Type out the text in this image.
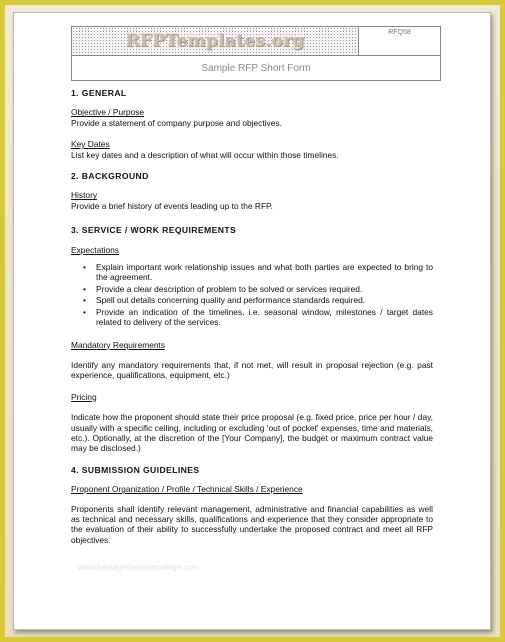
RFPTemplates.org	RFQ58
Sample RFP Short Form
1. GENERAL

Objective / Purpose

Provide a statement of company purpose and objectives.

Key Dates

List key dates and a description of what will occur within those timelines.

2. BACKGROUND

History

Provide a brief history of events leading up to the RFP.

3. SERVICE / WORK REQUIREMENTS

Expectations

• Explain important work relationship issues and what both parties are expected to bring to the agreement.
• Provide a clear description of problem to be solved or services required.
• Spell out details concerning quality and performance standards required.
• Provide an indication of the timelines, i.e. seasonal window, milestones / target dates related to delivery of the services.

Mandatory Requirements

Identify any mandatory requirements that, if not met, will result in proposal rejection (e.g. past experience, qualifications, equipment, etc.)

Pricing

Indicate how the proponent should state their price proposal (e.g. fixed price, price per hour / day, usually with a specific ceiling, including or excluding 'out of pocket' expenses, time and materials, etc.). Optionally, at the discretion of the [Your Company], the budget or maximum contract value may be disclosed.)

4. SUBMISSION GUIDELINES

Proponent Organization / Profile / Technical Skills / Experience

Proponents shall identify relevant management, administrative and financial capabilities as well as technical and necessary skills, qualifications and experience that they consider appropriate to the evaluation of their ability to successfully undertake the proposed contract and meet all RFP objectives.

www.heritagechristiancollege.com
